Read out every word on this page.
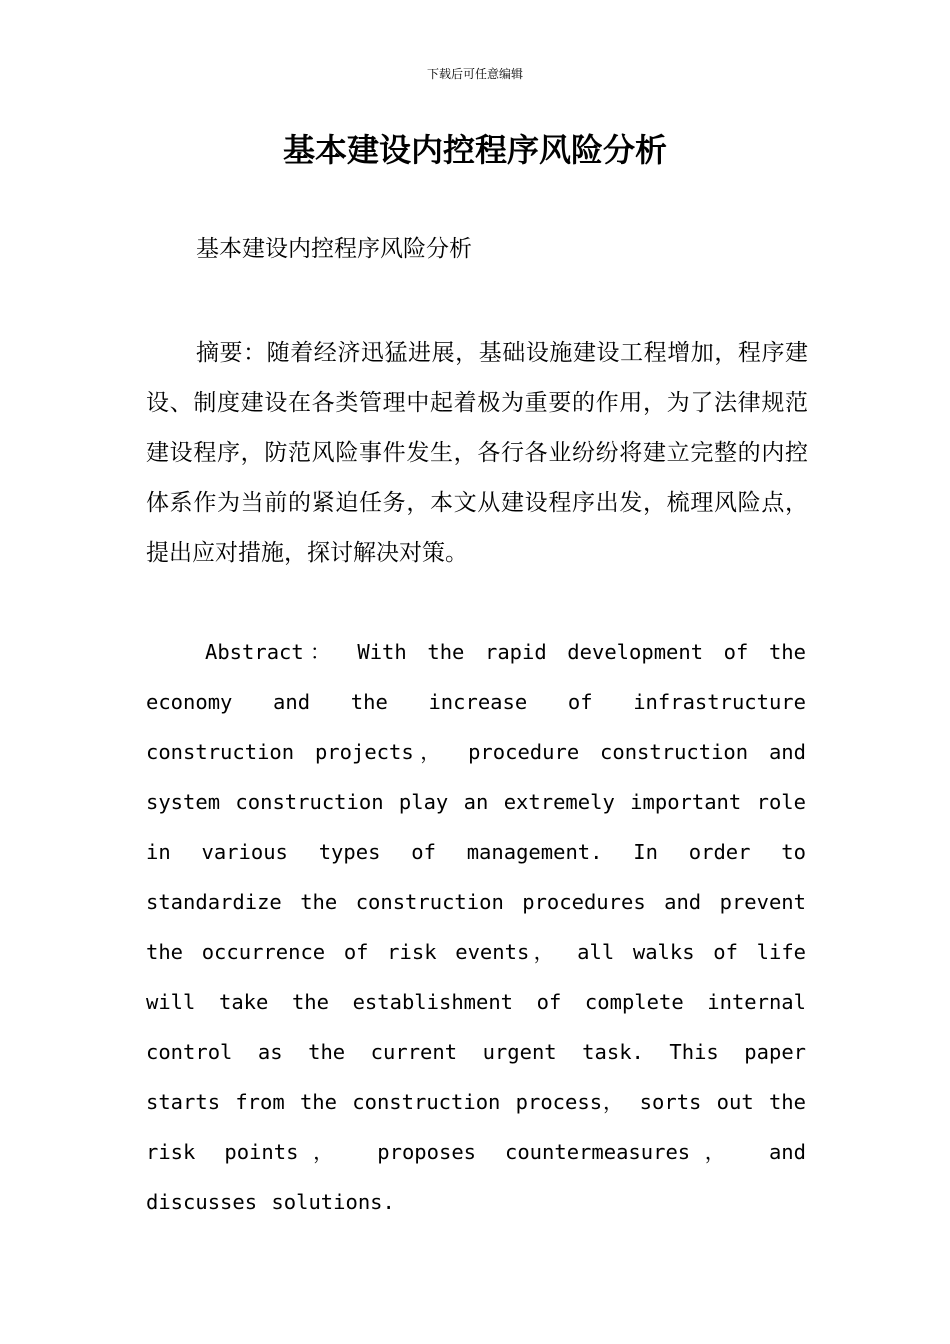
下载后可任意编辑
基本建设内控程序风险分析
基本建设内控程序风险分析

摘要：随着经济迅猛进展，基础设施建设工程增加，程序建设、制度建设在各类管理中起着极为重要的作用，为了法律规范建设程序，防范风险事件发生，各行各业纷纷将建立完整的内控体系作为当前的紧迫任务，本文从建设程序出发，梳理风险点，提出应对措施，探讨解决对策。

Abstract： With the rapid development of the economy and the increase of infrastructure construction projects， procedure construction and system construction play an extremely important role in various types of management. In order to standardize the construction procedures and prevent the occurrence of risk events， all walks of life will take the establishment of complete internal control as the current urgent task. This paper starts from the construction process， sorts out the risk points， proposes countermeasures， and discusses solutions.
